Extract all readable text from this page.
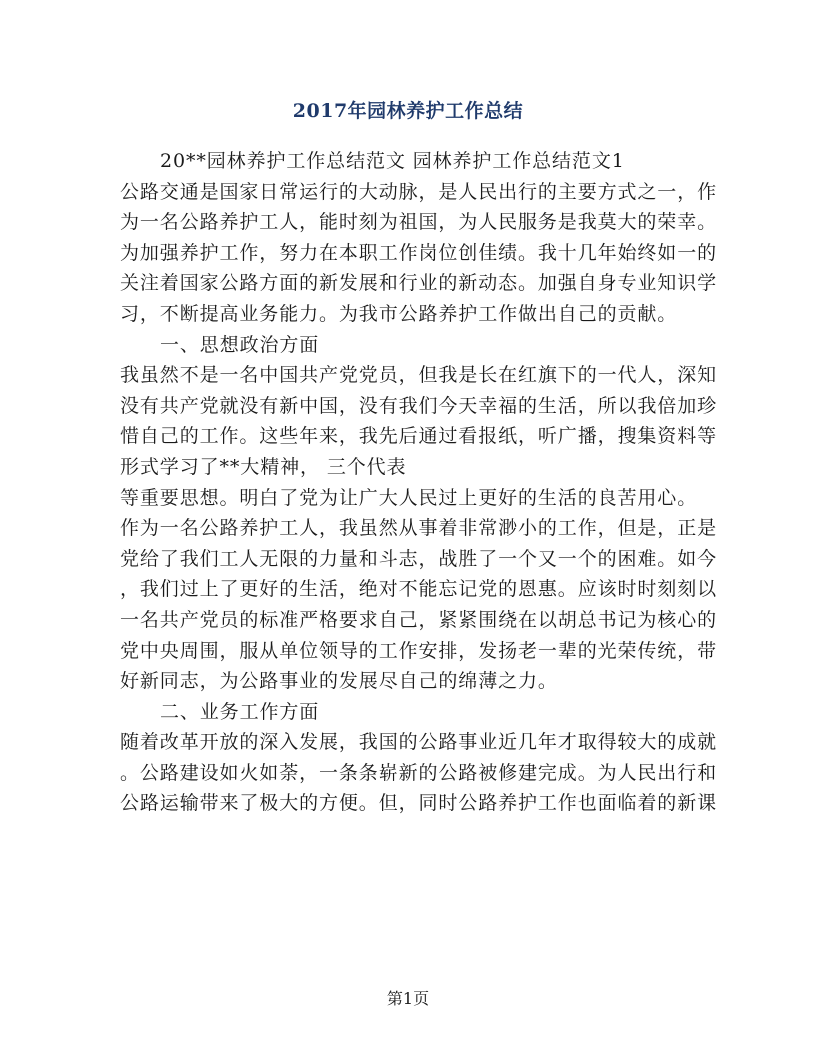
2017年园林养护工作总结
20**园林养护工作总结范文 园林养护工作总结范文1
公路交通是国家日常运行的大动脉，是人民出行的主要方式之一，作
为一名公路养护工人，能时刻为祖国，为人民服务是我莫大的荣幸。
为加强养护工作，努力在本职工作岗位创佳绩。我十几年始终如一的
关注着国家公路方面的新发展和行业的新动态。加强自身专业知识学
习，不断提高业务能力。为我市公路养护工作做出自己的贡献。
一、思想政治方面
我虽然不是一名中国共产党党员，但我是长在红旗下的一代人，深知
没有共产党就没有新中国，没有我们今天幸福的生活，所以我倍加珍
惜自己的工作。这些年来，我先后通过看报纸，听广播，搜集资料等
形式学习了**大精神， 三个代表
等重要思想。明白了党为让广大人民过上更好的生活的良苦用心。
作为一名公路养护工人，我虽然从事着非常渺小的工作，但是，正是
党给了我们工人无限的力量和斗志，战胜了一个又一个的困难。如今
，我们过上了更好的生活，绝对不能忘记党的恩惠。应该时时刻刻以
一名共产党员的标准严格要求自己，紧紧围绕在以胡总书记为核心的
党中央周围，服从单位领导的工作安排，发扬老一辈的光荣传统，带
好新同志，为公路事业的发展尽自己的绵薄之力。
二、业务工作方面
随着改革开放的深入发展，我国的公路事业近几年才取得较大的成就
。公路建设如火如荼，一条条崭新的公路被修建完成。为人民出行和
公路运输带来了极大的方便。但，同时公路养护工作也面临着的新课
第1页
